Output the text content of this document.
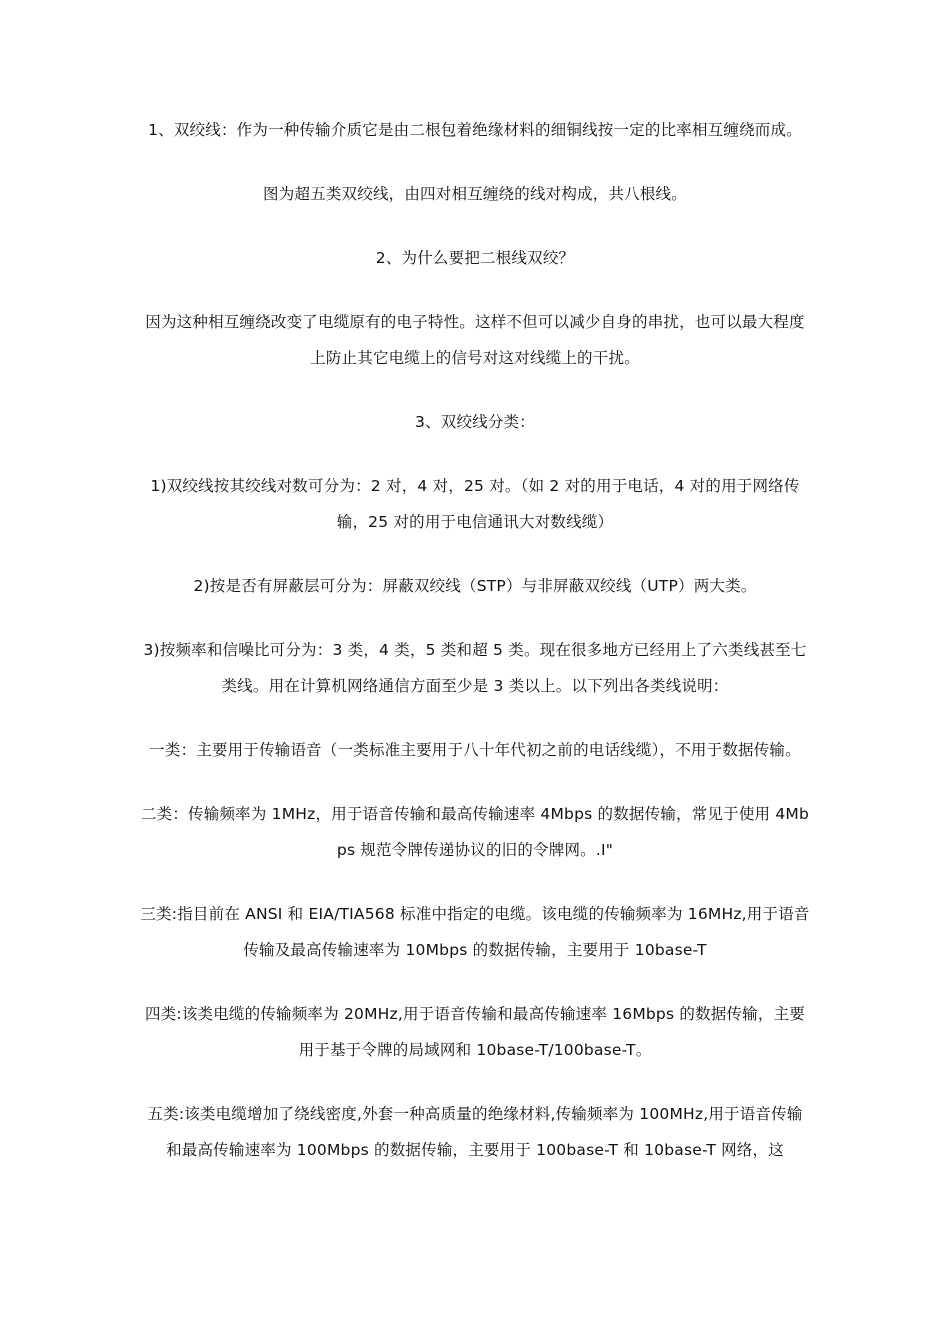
1、双绞线：作为一种传输介质它是由二根包着绝缘材料的细铜线按一定的比率相互缠绕而成。

图为超五类双绞线，由四对相互缠绕的线对构成，共八根线。

2、为什么要把二根线双绞？

因为这种相互缠绕改变了电缆原有的电子特性。这样不但可以减少自身的串扰，也可以最大程度上防止其它电缆上的信号对这对线缆上的干扰。

3、双绞线分类：

1)双绞线按其绞线对数可分为：2 对，4 对，25 对。（如 2 对的用于电话，4 对的用于网络传输，25 对的用于电信通讯大对数线缆）

2)按是否有屏蔽层可分为：屏蔽双绞线（STP）与非屏蔽双绞线（UTP）两大类。

3)按频率和信噪比可分为：3 类，4 类，5 类和超 5 类。现在很多地方已经用上了六类线甚至七类线。用在计算机网络通信方面至少是 3 类以上。以下列出各类线说明：

一类：主要用于传输语音（一类标准主要用于八十年代初之前的电话线缆），不用于数据传输。

二类：传输频率为 1MHz，用于语音传输和最高传输速率 4Mbps 的数据传输，常见于使用 4Mbps 规范令牌传递协议的旧的令牌网。.I"

三类:指目前在 ANSI 和 EIA/TIA568 标准中指定的电缆。该电缆的传输频率为 16MHz,用于语音传输及最高传输速率为 10Mbps 的数据传输，主要用于 10base-T

四类:该类电缆的传输频率为 20MHz,用于语音传输和最高传输速率 16Mbps 的数据传输，主要用于基于令牌的局域网和 10base-T/100base-T。

五类:该类电缆增加了绕线密度,外套一种高质量的绝缘材料,传输频率为 100MHz,用于语音传输和最高传输速率为 100Mbps 的数据传输，主要用于 100base-T 和 10base-T 网络，这
